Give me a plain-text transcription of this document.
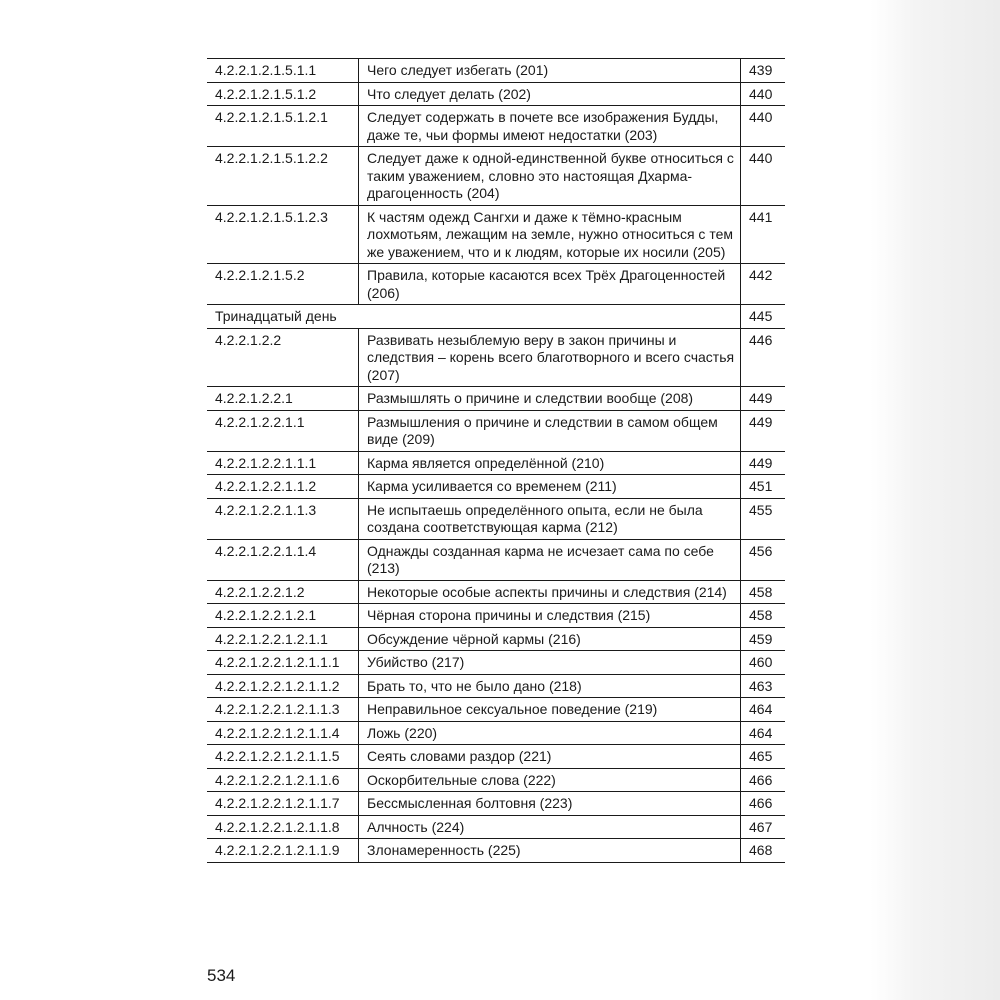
4.2.2.1.2.1.5.1.1	Чего следует избегать (201)	439
4.2.2.1.2.1.5.1.2	Что следует делать (202)	440
4.2.2.1.2.1.5.1.2.1	Следует содержать в почете все изображения Будды, даже те, чьи формы имеют недостатки (203)	440
4.2.2.1.2.1.5.1.2.2	Следует даже к одной-единственной букве относиться с таким уважением, словно это настоящая Дхарма-драгоценность (204)	440
4.2.2.1.2.1.5.1.2.3	К частям одежд Сангхи и даже к тёмно-красным лохмотьям, лежащим на земле, нужно относиться с тем же уважением, что и к людям, которые их носили (205)	441
4.2.2.1.2.1.5.2	Правила, которые касаются всех Трёх Драгоценностей (206)	442
Тринадцатый день		445
4.2.2.1.2.2	Развивать незыблемую веру в закон причины и следствия – корень всего благотворного и всего счастья (207)	446
4.2.2.1.2.2.1	Размышлять о причине и следствии вообще (208)	449
4.2.2.1.2.2.1.1	Размышления о причине и следствии в самом общем виде (209)	449
4.2.2.1.2.2.1.1.1	Карма является определённой (210)	449
4.2.2.1.2.2.1.1.2	Карма усиливается со временем (211)	451
4.2.2.1.2.2.1.1.3	Не испытаешь определённого опыта, если не была создана соответствующая карма (212)	455
4.2.2.1.2.2.1.1.4	Однажды созданная карма не исчезает сама по себе (213)	456
4.2.2.1.2.2.1.2	Некоторые особые аспекты причины и следствия (214)	458
4.2.2.1.2.2.1.2.1	Чёрная сторона причины и следствия (215)	458
4.2.2.1.2.2.1.2.1.1	Обсуждение чёрной кармы (216)	459
4.2.2.1.2.2.1.2.1.1.1	Убийство (217)	460
4.2.2.1.2.2.1.2.1.1.2	Брать то, что не было дано (218)	463
4.2.2.1.2.2.1.2.1.1.3	Неправильное сексуальное поведение (219)	464
4.2.2.1.2.2.1.2.1.1.4	Ложь (220)	464
4.2.2.1.2.2.1.2.1.1.5	Сеять словами раздор (221)	465
4.2.2.1.2.2.1.2.1.1.6	Оскорбительные слова (222)	466
4.2.2.1.2.2.1.2.1.1.7	Бессмысленная болтовня (223)	466
4.2.2.1.2.2.1.2.1.1.8	Алчность (224)	467
4.2.2.1.2.2.1.2.1.1.9	Злонамеренность (225)	468
534
